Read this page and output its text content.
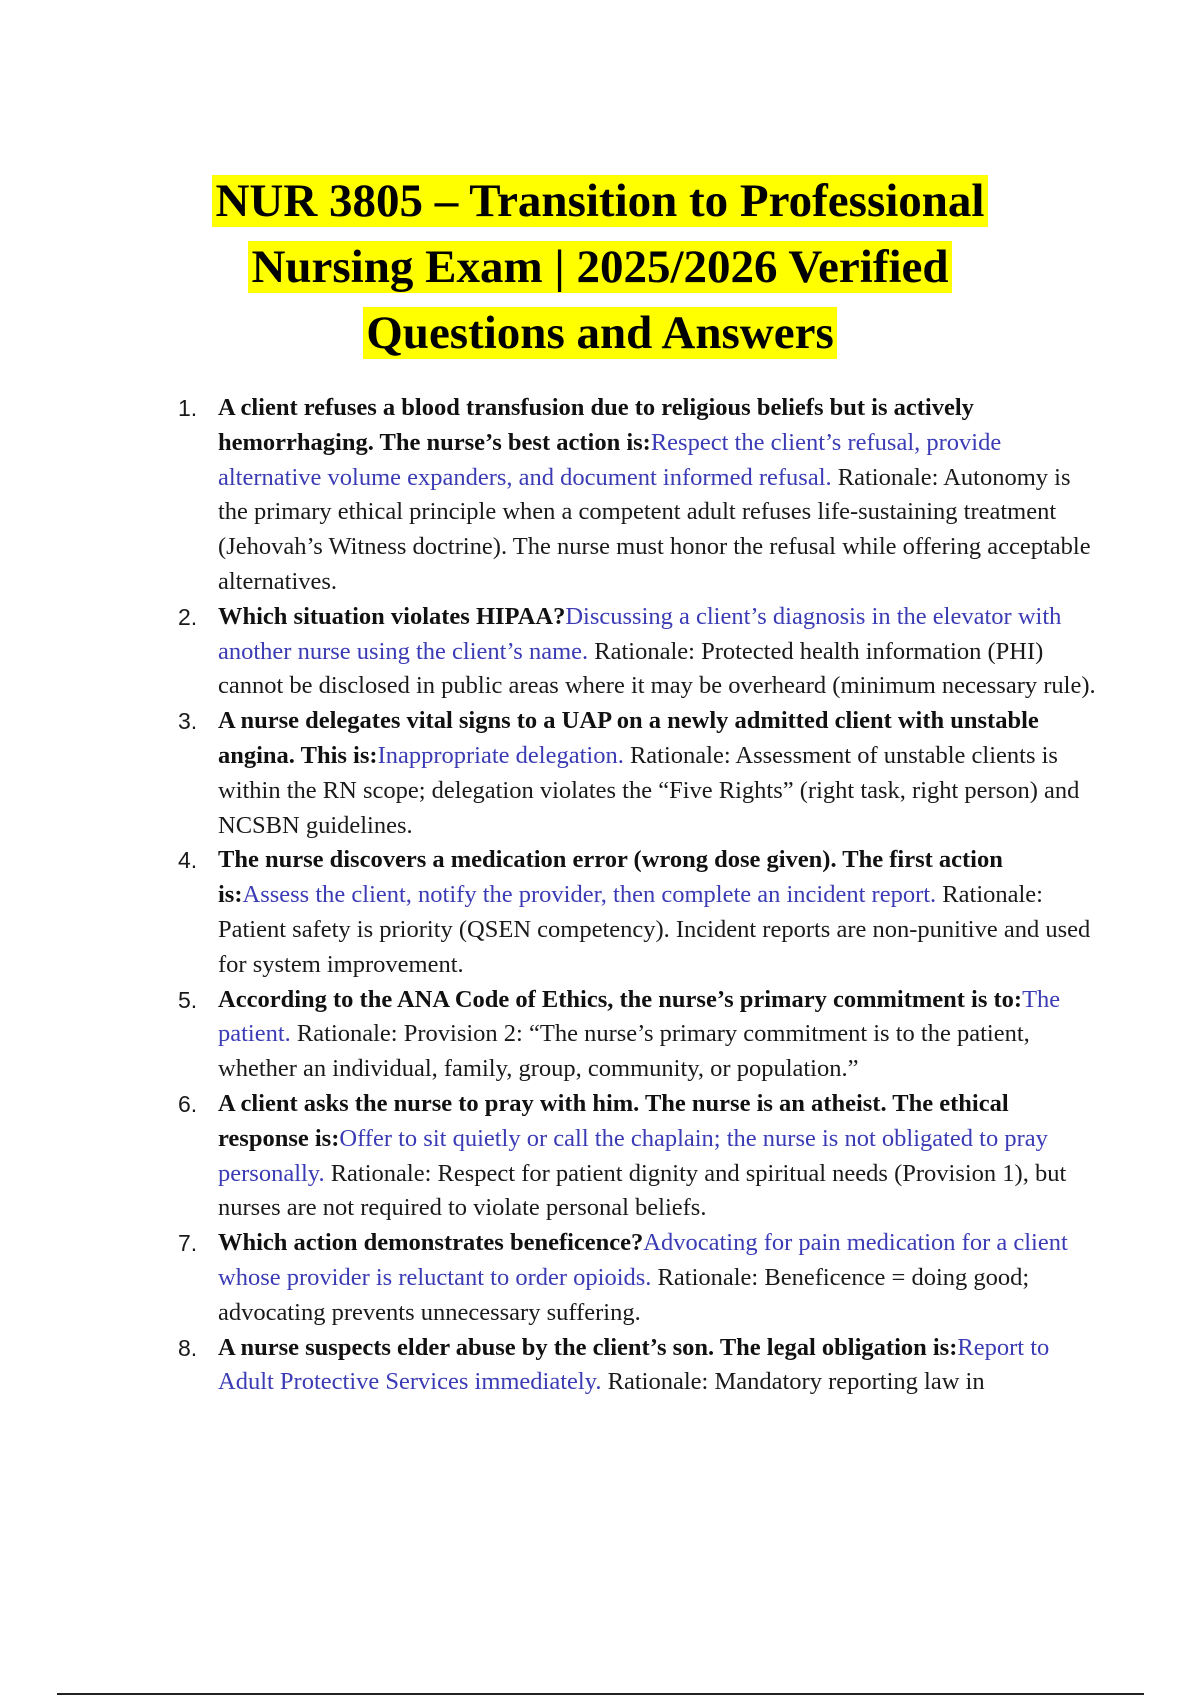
NUR 3805 – Transition to Professional
Nursing Exam | 2025/2026 Verified
Questions and Answers
1. A client refuses a blood transfusion due to religious beliefs but is actively hemorrhaging. The nurse’s best action is:Respect the client’s refusal, provide alternative volume expanders, and document informed refusal. Rationale: Autonomy is the primary ethical principle when a competent adult refuses life-sustaining treatment (Jehovah’s Witness doctrine). The nurse must honor the refusal while offering acceptable alternatives.
2. Which situation violates HIPAA?Discussing a client’s diagnosis in the elevator with another nurse using the client’s name. Rationale: Protected health information (PHI) cannot be disclosed in public areas where it may be overheard (minimum necessary rule).
3. A nurse delegates vital signs to a UAP on a newly admitted client with unstable angina. This is:Inappropriate delegation. Rationale: Assessment of unstable clients is within the RN scope; delegation violates the “Five Rights” (right task, right person) and NCSBN guidelines.
4. The nurse discovers a medication error (wrong dose given). The first action is:Assess the client, notify the provider, then complete an incident report. Rationale: Patient safety is priority (QSEN competency). Incident reports are non-punitive and used for system improvement.
5. According to the ANA Code of Ethics, the nurse’s primary commitment is to:The patient. Rationale: Provision 2: “The nurse’s primary commitment is to the patient, whether an individual, family, group, community, or population.”
6. A client asks the nurse to pray with him. The nurse is an atheist. The ethical response is:Offer to sit quietly or call the chaplain; the nurse is not obligated to pray personally. Rationale: Respect for patient dignity and spiritual needs (Provision 1), but nurses are not required to violate personal beliefs.
7. Which action demonstrates beneficence?Advocating for pain medication for a client whose provider is reluctant to order opioids. Rationale: Beneficence = doing good; advocating prevents unnecessary suffering.
8. A nurse suspects elder abuse by the client’s son. The legal obligation is:Report to Adult Protective Services immediately. Rationale: Mandatory reporting law in
